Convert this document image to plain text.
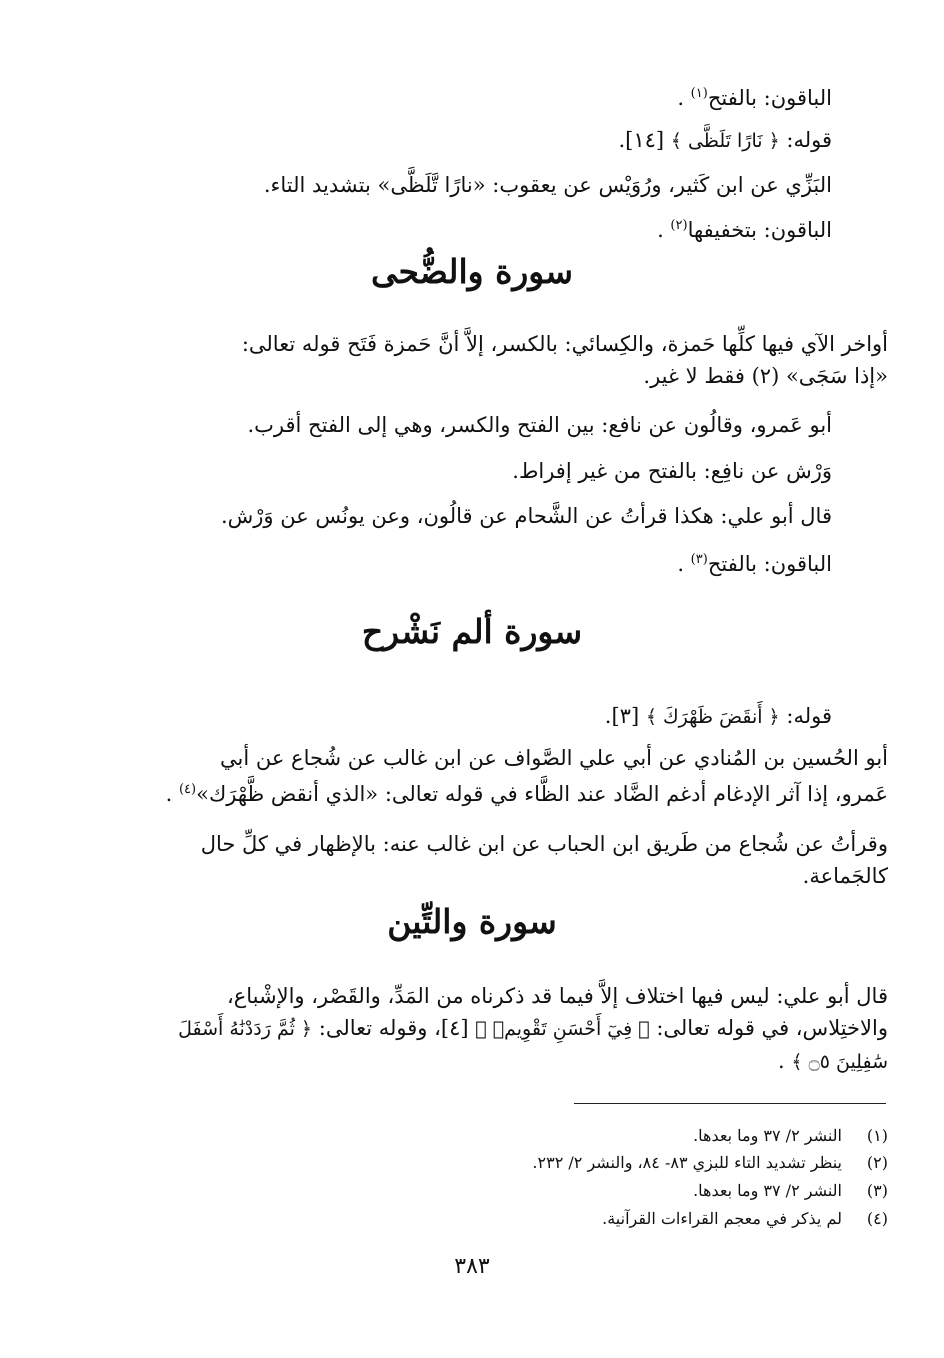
الباقون: بالفتح$^{(١)}$ .
قوله: ﴿ نَارًا تَلَظَّى ﴾ [١٤].
البَزِّي عن ابن كَثير، ورُوَيْس عن يعقوب: «نارًا تَّلَظَّى» بتشديد التاء.
الباقون: بتخفيفها$^{(٢)}$ .
سورة والضُّحى
أواخر الآي فيها كلِّها حَمزة، والكِسائي: بالكسر، إلاَّ أنَّ حَمزة فَتَح قوله تعالى:
«إذا سَجَى» (٢) فقط لا غير.
أبو عَمرو، وقالُون عن نافع: بين الفتح والكسر، وهي إلى الفتح أقرب.
وَرْش عن نافِع: بالفتح من غير إفراط.
قال أبو علي: هكذا قرأتُ عن الشَّحام عن قالُون، وعن يونُس عن وَرْش.
الباقون: بالفتح$^{(٣)}$ .
سورة ألم نَشْرح
قوله: ﴿ أَنقَضَ ظَهْرَكَ ﴾ [٣].
أبو الحُسين بن المُنادي عن أبي علي الصَّواف عن ابن غالب عن شُجاع عن أبي
عَمرو، إذا آثر الإدغام أدغم الضَّاد عند الظَّاء في قوله تعالى: «الذي أنقض ظَّهْرَك»$^{(٤)}$ .
وقرأتُ عن شُجاع من طَريق ابن الحباب عن ابن غالب عنه: بالإظهار في كلِّ حال
كالجَماعة.
سورة والتِّين
قال أبو علي: ليس فيها اختلاف إلاَّ فيما قد ذكرناه من المَدِّ، والقَصْر، والإشْباع،
والاختِلاس، في قوله تعالى: ﴿ فِيٓ أَحْسَنِ تَقْوِيمٖ ﴾ [٤]، وقوله تعالى: ﴿ ثُمَّ رَدَدْنَٰهُ أَسْفَلَ
سَٰفِلِينَ ۝٥ ﴾ .
(١)النشر ٢/ ٣٧ وما بعدها.
(٢)ينظر تشديد التاء للبزي ٨٣- ٨٤، والنشر ٢/ ٢٣٢.
(٣)النشر ٢/ ٣٧ وما بعدها.
(٤)لم يذكر في معجم القراءات القرآنية.
٣٨٣
